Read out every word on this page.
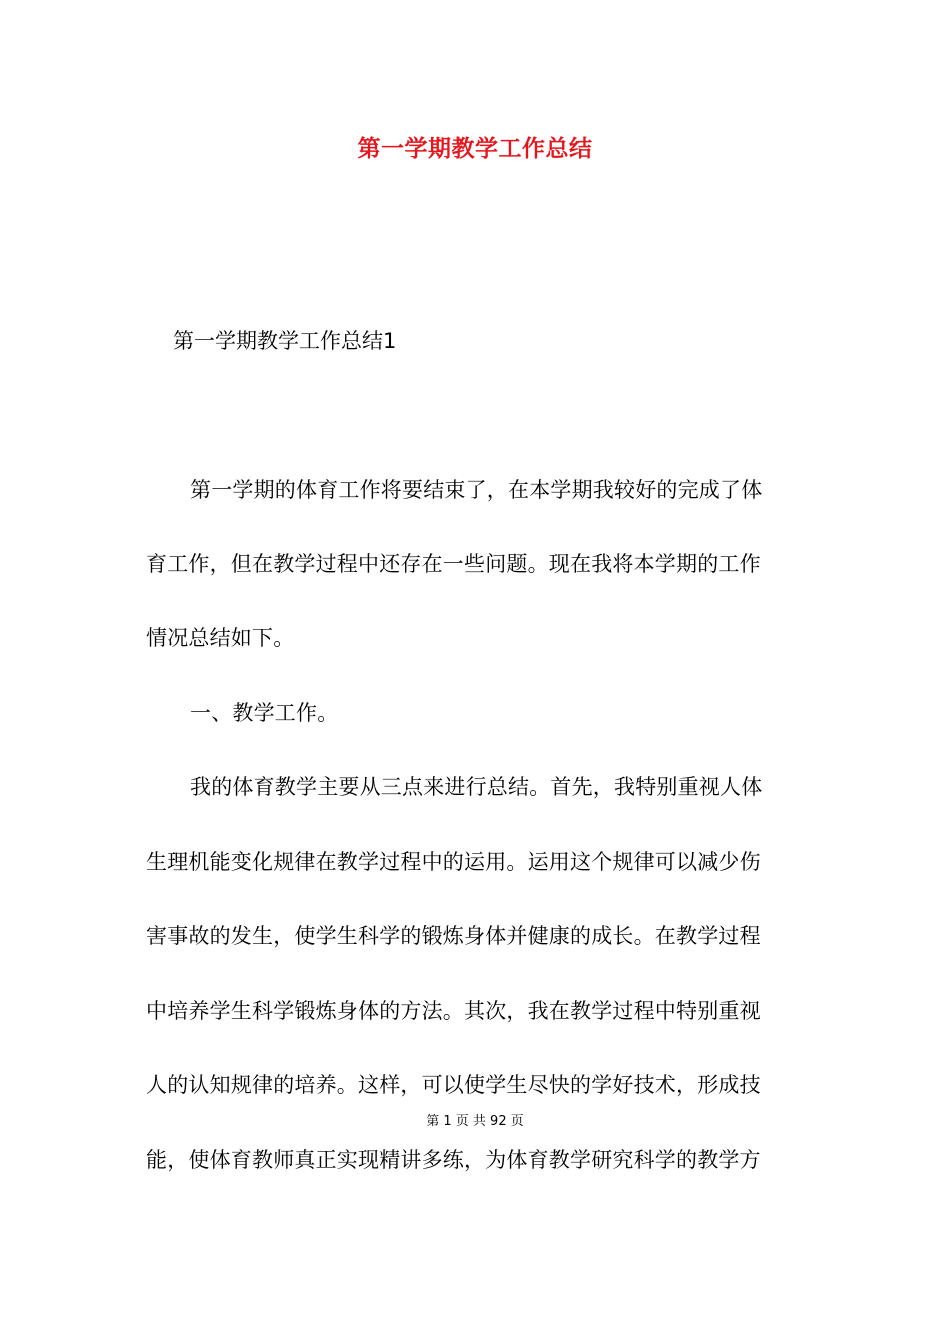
第一学期教学工作总结
第一学期教学工作总结1
第一学期的体育工作将要结束了，在本学期我较好的完成了体
育工作，但在教学过程中还存在一些问题。现在我将本学期的工作
情况总结如下。
一、教学工作。
我的体育教学主要从三点来进行总结。首先，我特别重视人体
生理机能变化规律在教学过程中的运用。运用这个规律可以减少伤
害事故的发生，使学生科学的锻炼身体并健康的成长。在教学过程
中培养学生科学锻炼身体的方法。其次，我在教学过程中特别重视
人的认知规律的培养。这样，可以使学生尽快的学好技术，形成技
第 1 页 共 92 页
能，使体育教师真正实现精讲多练，为体育教学研究科学的教学方
